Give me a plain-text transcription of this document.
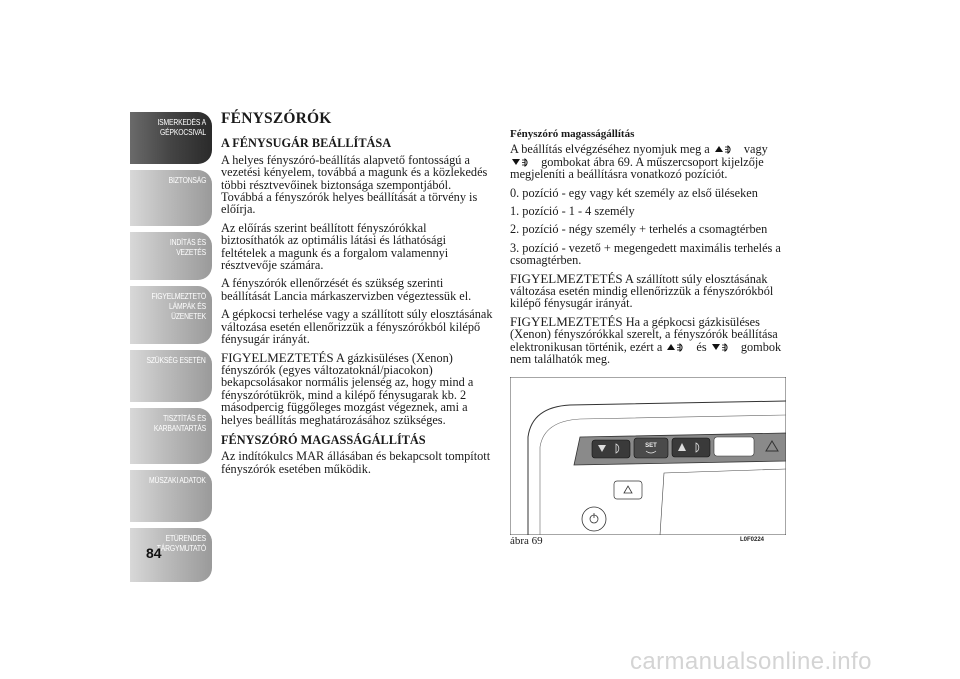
ISMERKEDÉS A GÉPKOCSIVAL
BIZTONSÁG
INDÍTÁS ÉS VEZETÉS
FIGYELMEZTETŐ LÁMPÁK ÉS ÜZENETEK
SZÜKSÉG ESETÉN
TISZTÍTÁS ÉS KARBANTARTÁS
MŰSZAKI ADATOK
ETŰRENDES TÁRGYMUTATÓ
84
FÉNYSZÓRÓK
A FÉNYSUGÁR BEÁLLÍTÁSA

A helyes fényszóró-beállítás alapvető fontosságú a vezetési kényelem, továbbá a magunk és a közlekedés többi résztvevőinek biztonsága szempontjából. Továbbá a fényszórók helyes beállítását a törvény is előírja.

Az előírás szerint beállított fényszórókkal biztosíthatók az optimális látási és láthatósági feltételek a magunk és a forgalom valamennyi résztvevője számára.

A fényszórók ellenőrzését és szükség szerinti beállítását Lancia márkaszervizben végeztessük el.

A gépkocsi terhelése vagy a szállított súly elosztásának változása esetén ellenőrizzük a fényszórókból kilépő fénysugár irányát.

FIGYELMEZTETÉS A gázkisüléses (Xenon) fényszórók (egyes változatoknál/piacokon) bekapcsolásakor normális jelenség az, hogy mind a fényszórótükrök, mind a kilépő fénysugarak kb. 2 másodpercig függőleges mozgást végeznek, ami a helyes beállítás meghatározásához szükséges.

FÉNYSZÓRÓ MAGASSÁGÁLLÍTÁS

Az indítókulcs MAR állásában és bekapcsolt tompított fényszórók esetében működik.

Fényszóró magasságállítás

A beállítás elvégzéséhez nyomjuk meg a  vagy  gombokat ábra 69. A műszercsoport kijelzője megjeleníti a beállításra vonatkozó pozíciót.

0. pozíció - egy vagy két személy az első üléseken

1. pozíció - 1 - 4 személy

2. pozíció - négy személy + terhelés a csomagtérben

3. pozíció - vezető + megengedett maximális terhelés a csomagtérben.

FIGYELMEZTETÉS A szállított súly elosztásának változása esetén mindig ellenőrizzük a fényszórókból kilépő fénysugár irányát.

FIGYELMEZTETÉS Ha a gépkocsi gázkisüléses (Xenon) fényszórókkal szerelt, a fényszórók beállítása elektronikusan történik, ezért a  és  gombok nem találhatók meg.

SET
ábra 69	L0F0224
carmanualsonline.info
